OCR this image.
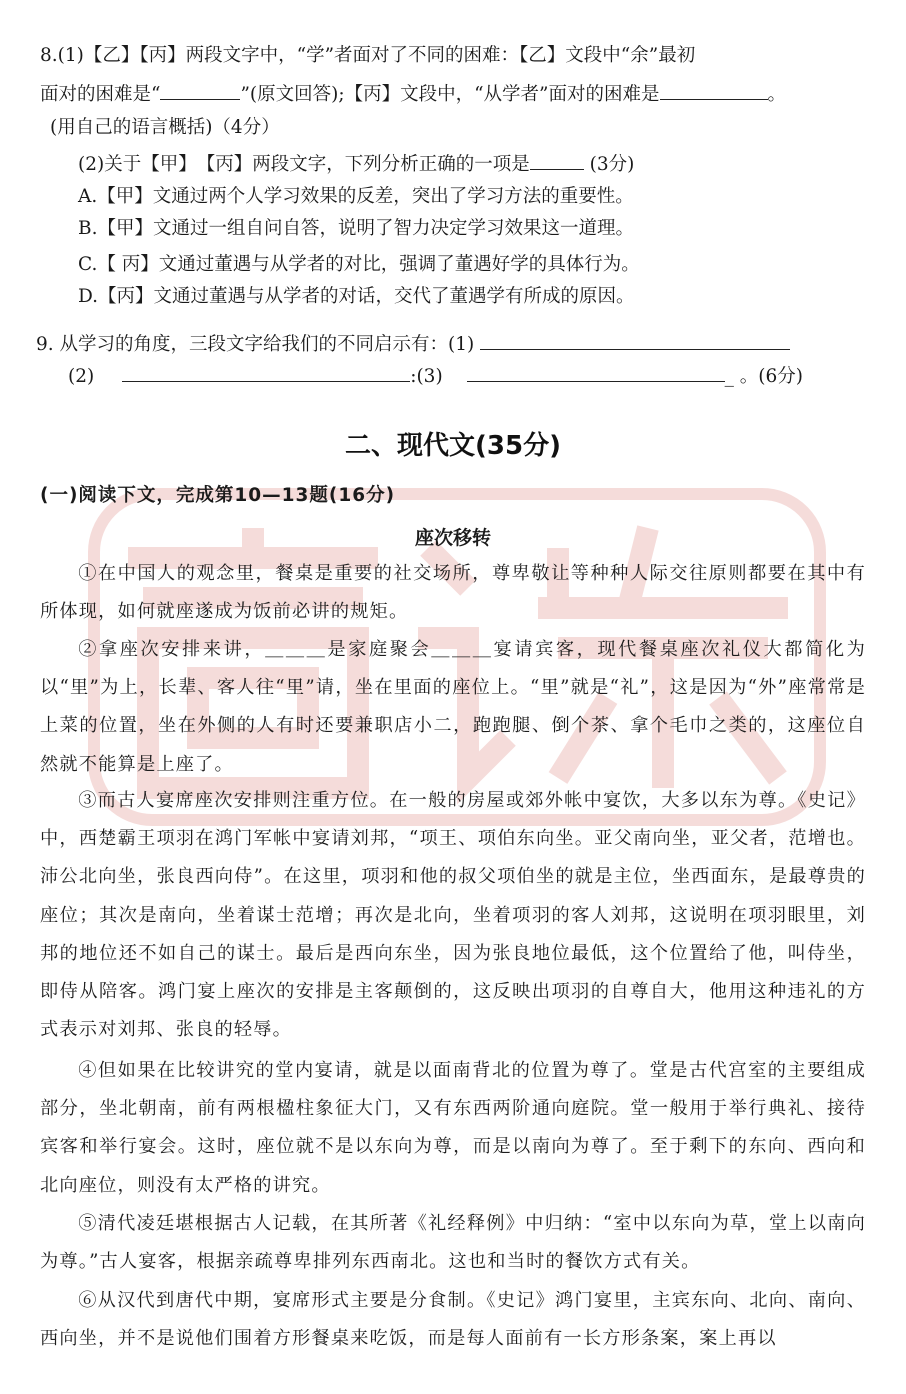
8.(1)【乙】【丙】两段文字中，“学”者面对了不同的困难：【乙】文段中“余”最初
面对的困难是“	”(原文回答);【丙】文段中，“从学者”面对的困难是	。
(用自己的语言概括)（4分）
(2)关于【甲】　【丙】两段文字，下列分析正确的一项是	(3分)
A.【甲】文通过两个人学习效果的反差，突出了学习方法的重要性。
B.【甲】文通过一组自问自答，说明了智力决定学习效果这一道理。
C.【 丙】文通过董遇与从学者的对比，强调了董遇好学的具体行为。
D.【丙】文通过董遇与从学者的对话，交代了董遇学有所成的原因。
9. 从学习的角度，三段文字给我们的不同启示有：(1)
(2)	:(3)	_ 。(6分)
二、现代文(35分)
(一)阅读下文，完成第10—13题(16分)
座次移转
①在中国人的观念里，餐桌是重要的社交场所，尊卑敬让等种种人际交往原则都要在其中有所体现，如何就座遂成为饭前必讲的规矩。
②拿座次安排来讲，＿＿＿是家庭聚会＿＿＿宴请宾客，现代餐桌座次礼仪大都简化为以“里”为上，长辈、客人往“里”请，坐在里面的座位上。“里”就是“礼”，这是因为“外”座常常是上菜的位置，坐在外侧的人有时还要兼职店小二，跑跑腿、倒个茶、拿个毛巾之类的，这座位自然就不能算是上座了。
③而古人宴席座次安排则注重方位。在一般的房屋或郊外帐中宴饮，大多以东为尊。《史记》中，西楚霸王项羽在鸿门军帐中宴请刘邦，“项王、项伯东向坐。亚父南向坐，亚父者，范增也。沛公北向坐，张良西向侍”。在这里，项羽和他的叔父项伯坐的就是主位，坐西面东，是最尊贵的座位；其次是南向，坐着谋士范增；再次是北向，坐着项羽的客人刘邦，这说明在项羽眼里，刘邦的地位还不如自己的谋士。最后是西向东坐，因为张良地位最低，这个位置给了他，叫侍坐，即侍从陪客。鸿门宴上座次的安排是主客颠倒的，这反映出项羽的自尊自大，他用这种违礼的方式表示对刘邦、张良的轻辱。
④但如果在比较讲究的堂内宴请，就是以面南背北的位置为尊了。堂是古代宫室的主要组成部分，坐北朝南，前有两根楹柱象征大门，又有东西两阶通向庭院。堂一般用于举行典礼、接待宾客和举行宴会。这时，座位就不是以东向为尊，而是以南向为尊了。至于剩下的东向、西向和北向座位，则没有太严格的讲究。
⑤清代凌廷堪根据古人记载，在其所著《礼经释例》中归纳：“室中以东向为草，堂上以南向为尊。”古人宴客，根据亲疏尊卑排列东西南北。这也和当时的餐饮方式有关。
⑥从汉代到唐代中期，宴席形式主要是分食制。《史记》鸿门宴里，主宾东向、北向、南向、西向坐，并不是说他们围着方形餐桌来吃饭，而是每人面前有一长方形条案，案上再以
